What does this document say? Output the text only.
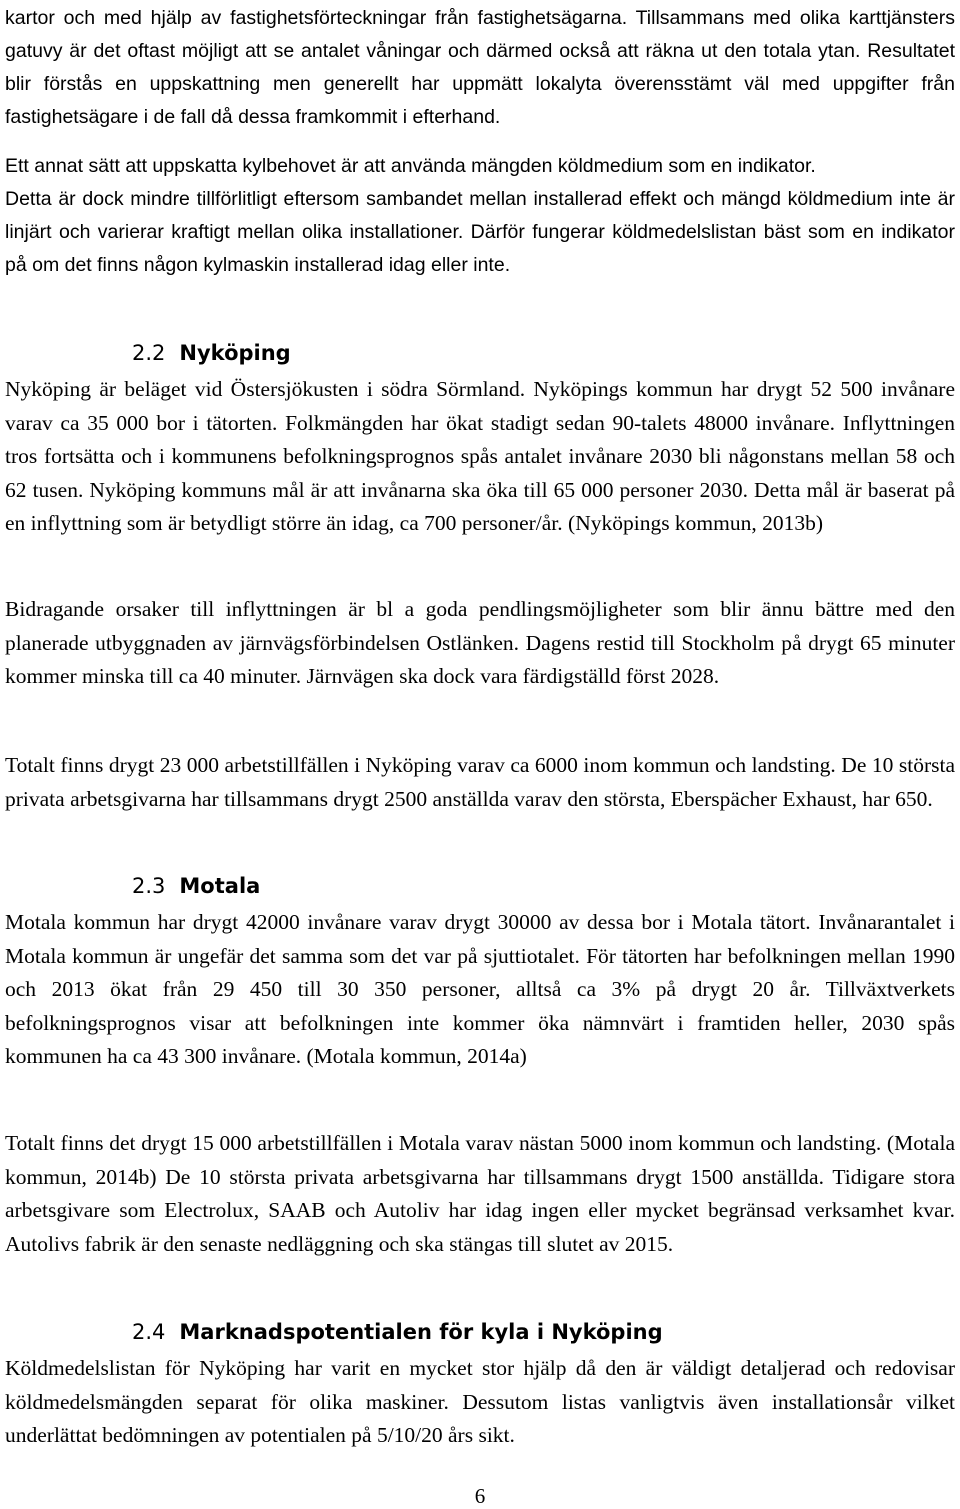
kartor och med hjälp av fastighetsförteckningar från fastighetsägarna. Tillsammans med olika karttjänsters gatuvy är det oftast möjligt att se antalet våningar och därmed också att räkna ut den totala ytan. Resultatet blir förstås en uppskattning men generellt har uppmätt lokalyta överensstämt väl med uppgifter från fastighetsägare i de fall då dessa framkommit i efterhand.

Ett annat sätt att uppskatta kylbehovet är att använda mängden köldmedium som en indikator.

Detta är dock mindre tillförlitligt eftersom sambandet mellan installerad effekt och mängd köldmedium inte är linjärt och varierar kraftigt mellan olika installationer. Därför fungerar köldmedelslistan bäst som en indikator på om det finns någon kylmaskin installerad idag eller inte.

2.2 Nyköping

Nyköping är beläget vid Östersjökusten i södra Sörmland. Nyköpings kommun har drygt 52 500 invånare varav ca 35 000 bor i tätorten. Folkmängden har ökat stadigt sedan 90-talets 48000 invånare. Inflyttningen tros fortsätta och i kommunens befolkningsprognos spås antalet invånare 2030 bli någonstans mellan 58 och 62 tusen. Nyköping kommuns mål är att invånarna ska öka till 65 000 personer 2030. Detta mål är baserat på en inflyttning som är betydligt större än idag, ca 700 personer/år. (Nyköpings kommun, 2013b)

Bidragande orsaker till inflyttningen är bl a goda pendlingsmöjligheter som blir ännu bättre med den planerade utbyggnaden av järnvägsförbindelsen Ostlänken. Dagens restid till Stockholm på drygt 65 minuter kommer minska till ca 40 minuter. Järnvägen ska dock vara färdigställd först 2028.

Totalt finns drygt 23 000 arbetstillfällen i Nyköping varav ca 6000 inom kommun och landsting. De 10 största privata arbetsgivarna har tillsammans drygt 2500 anställda varav den största, Eberspächer Exhaust, har 650.

2.3 Motala

Motala kommun har drygt 42000 invånare varav drygt 30000 av dessa bor i Motala tätort. Invånarantalet i Motala kommun är ungefär det samma som det var på sjuttiotalet. För tätorten har befolkningen mellan 1990 och 2013 ökat från 29 450 till 30 350 personer, alltså ca 3% på drygt 20 år. Tillväxtverkets befolkningsprognos visar att befolkningen inte kommer öka nämnvärt i framtiden heller, 2030 spås kommunen ha ca 43 300 invånare. (Motala kommun, 2014a)

Totalt finns det drygt 15 000 arbetstillfällen i Motala varav nästan 5000 inom kommun och landsting. (Motala kommun, 2014b) De 10 största privata arbetsgivarna har tillsammans drygt 1500 anställda. Tidigare stora arbetsgivare som Electrolux, SAAB och Autoliv har idag ingen eller mycket begränsad verksamhet kvar. Autolivs fabrik är den senaste nedläggning och ska stängas till slutet av 2015.

2.4 Marknadspotentialen för kyla i Nyköping

Köldmedelslistan för Nyköping har varit en mycket stor hjälp då den är väldigt detaljerad och redovisar köldmedelsmängden separat för olika maskiner. Dessutom listas vanligtvis även installationsår vilket underlättat bedömningen av potentialen på 5/10/20 års sikt.

6
